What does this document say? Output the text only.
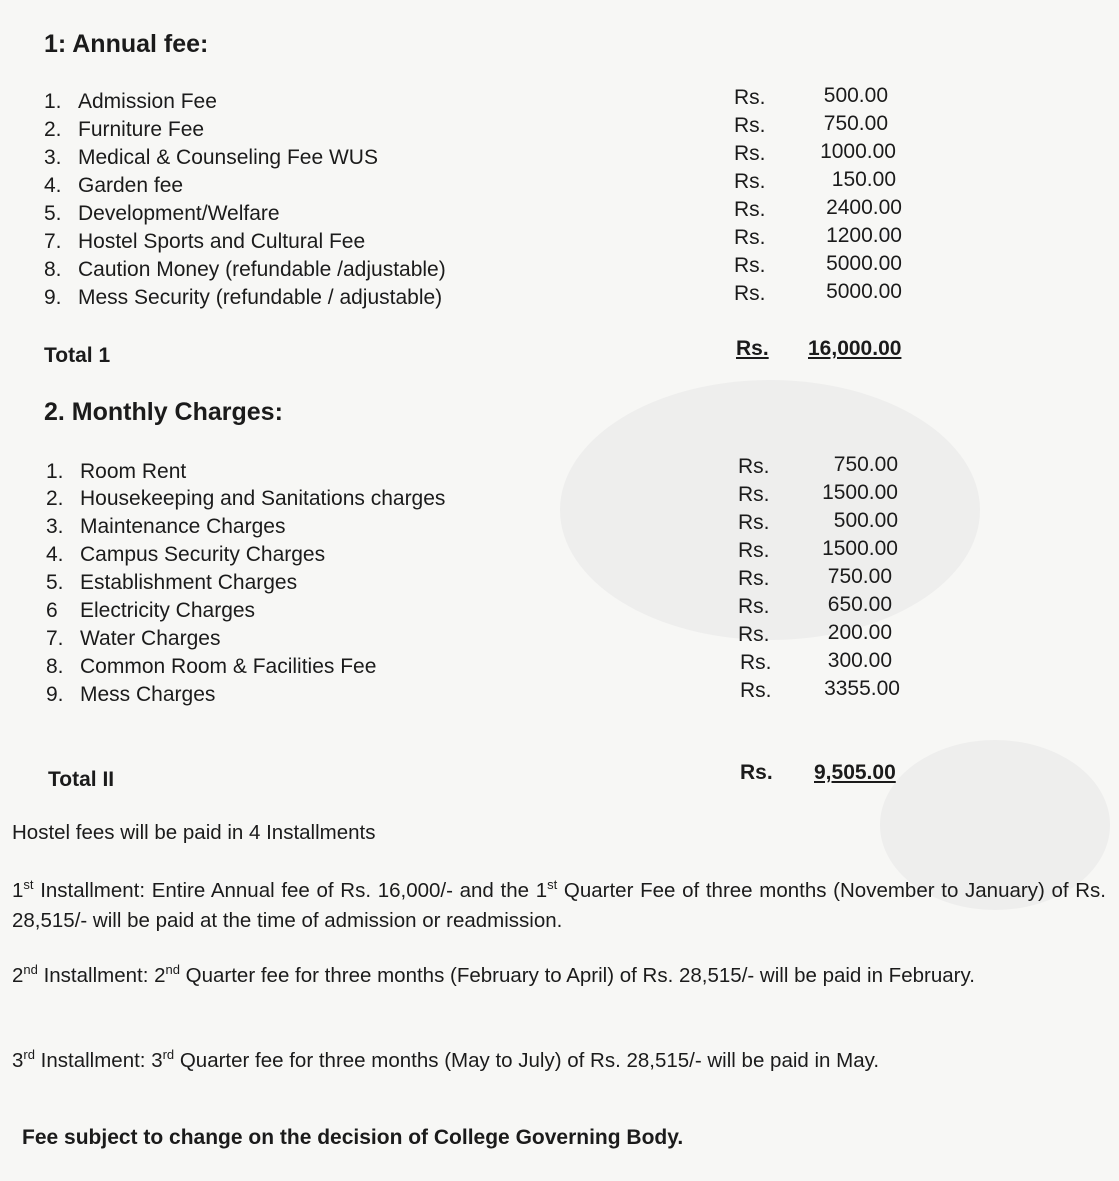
1: Annual fee:
1. Admission Fee
2. Furniture Fee
3. Medical & Counseling Fee WUS
4. Garden fee
5. Development/Welfare
7. Hostel Sports and Cultural Fee
8. Caution Money (refundable /adjustable)
9. Mess Security (refundable / adjustable)
Rs.
Rs.
Rs.
Rs.
Rs.
Rs.
Rs.
Rs.
500.00
750.00
1000.00
150.00
2400.00
1200.00
5000.00
5000.00
Total 1	Rs. 16,000.00
2. Monthly Charges:
1. Room Rent
2. Housekeeping and Sanitations charges
3. Maintenance Charges
4. Campus Security Charges
5. Establishment Charges
6 Electricity Charges
7. Water Charges
8. Common Room & Facilities Fee
9. Mess Charges
Rs.
Rs.
Rs.
Rs.
Rs.
Rs.
Rs.
Rs.
Rs.
750.00
1500.00
500.00
1500.00
750.00
650.00
200.00
300.00
3355.00
Total II	Rs. 9,505.00
Hostel fees will be paid in 4 Installments
1st Installment: Entire Annual fee of Rs. 16,000/- and the 1st Quarter Fee of three months (November to January) of Rs. 28,515/- will be paid at the time of admission or readmission.
2nd Installment: 2nd Quarter fee for three months (February to April) of Rs. 28,515/- will be paid in February.
3rd Installment: 3rd Quarter fee for three months (May to July) of Rs. 28,515/- will be paid in May.
Fee subject to change on the decision of College Governing Body.
